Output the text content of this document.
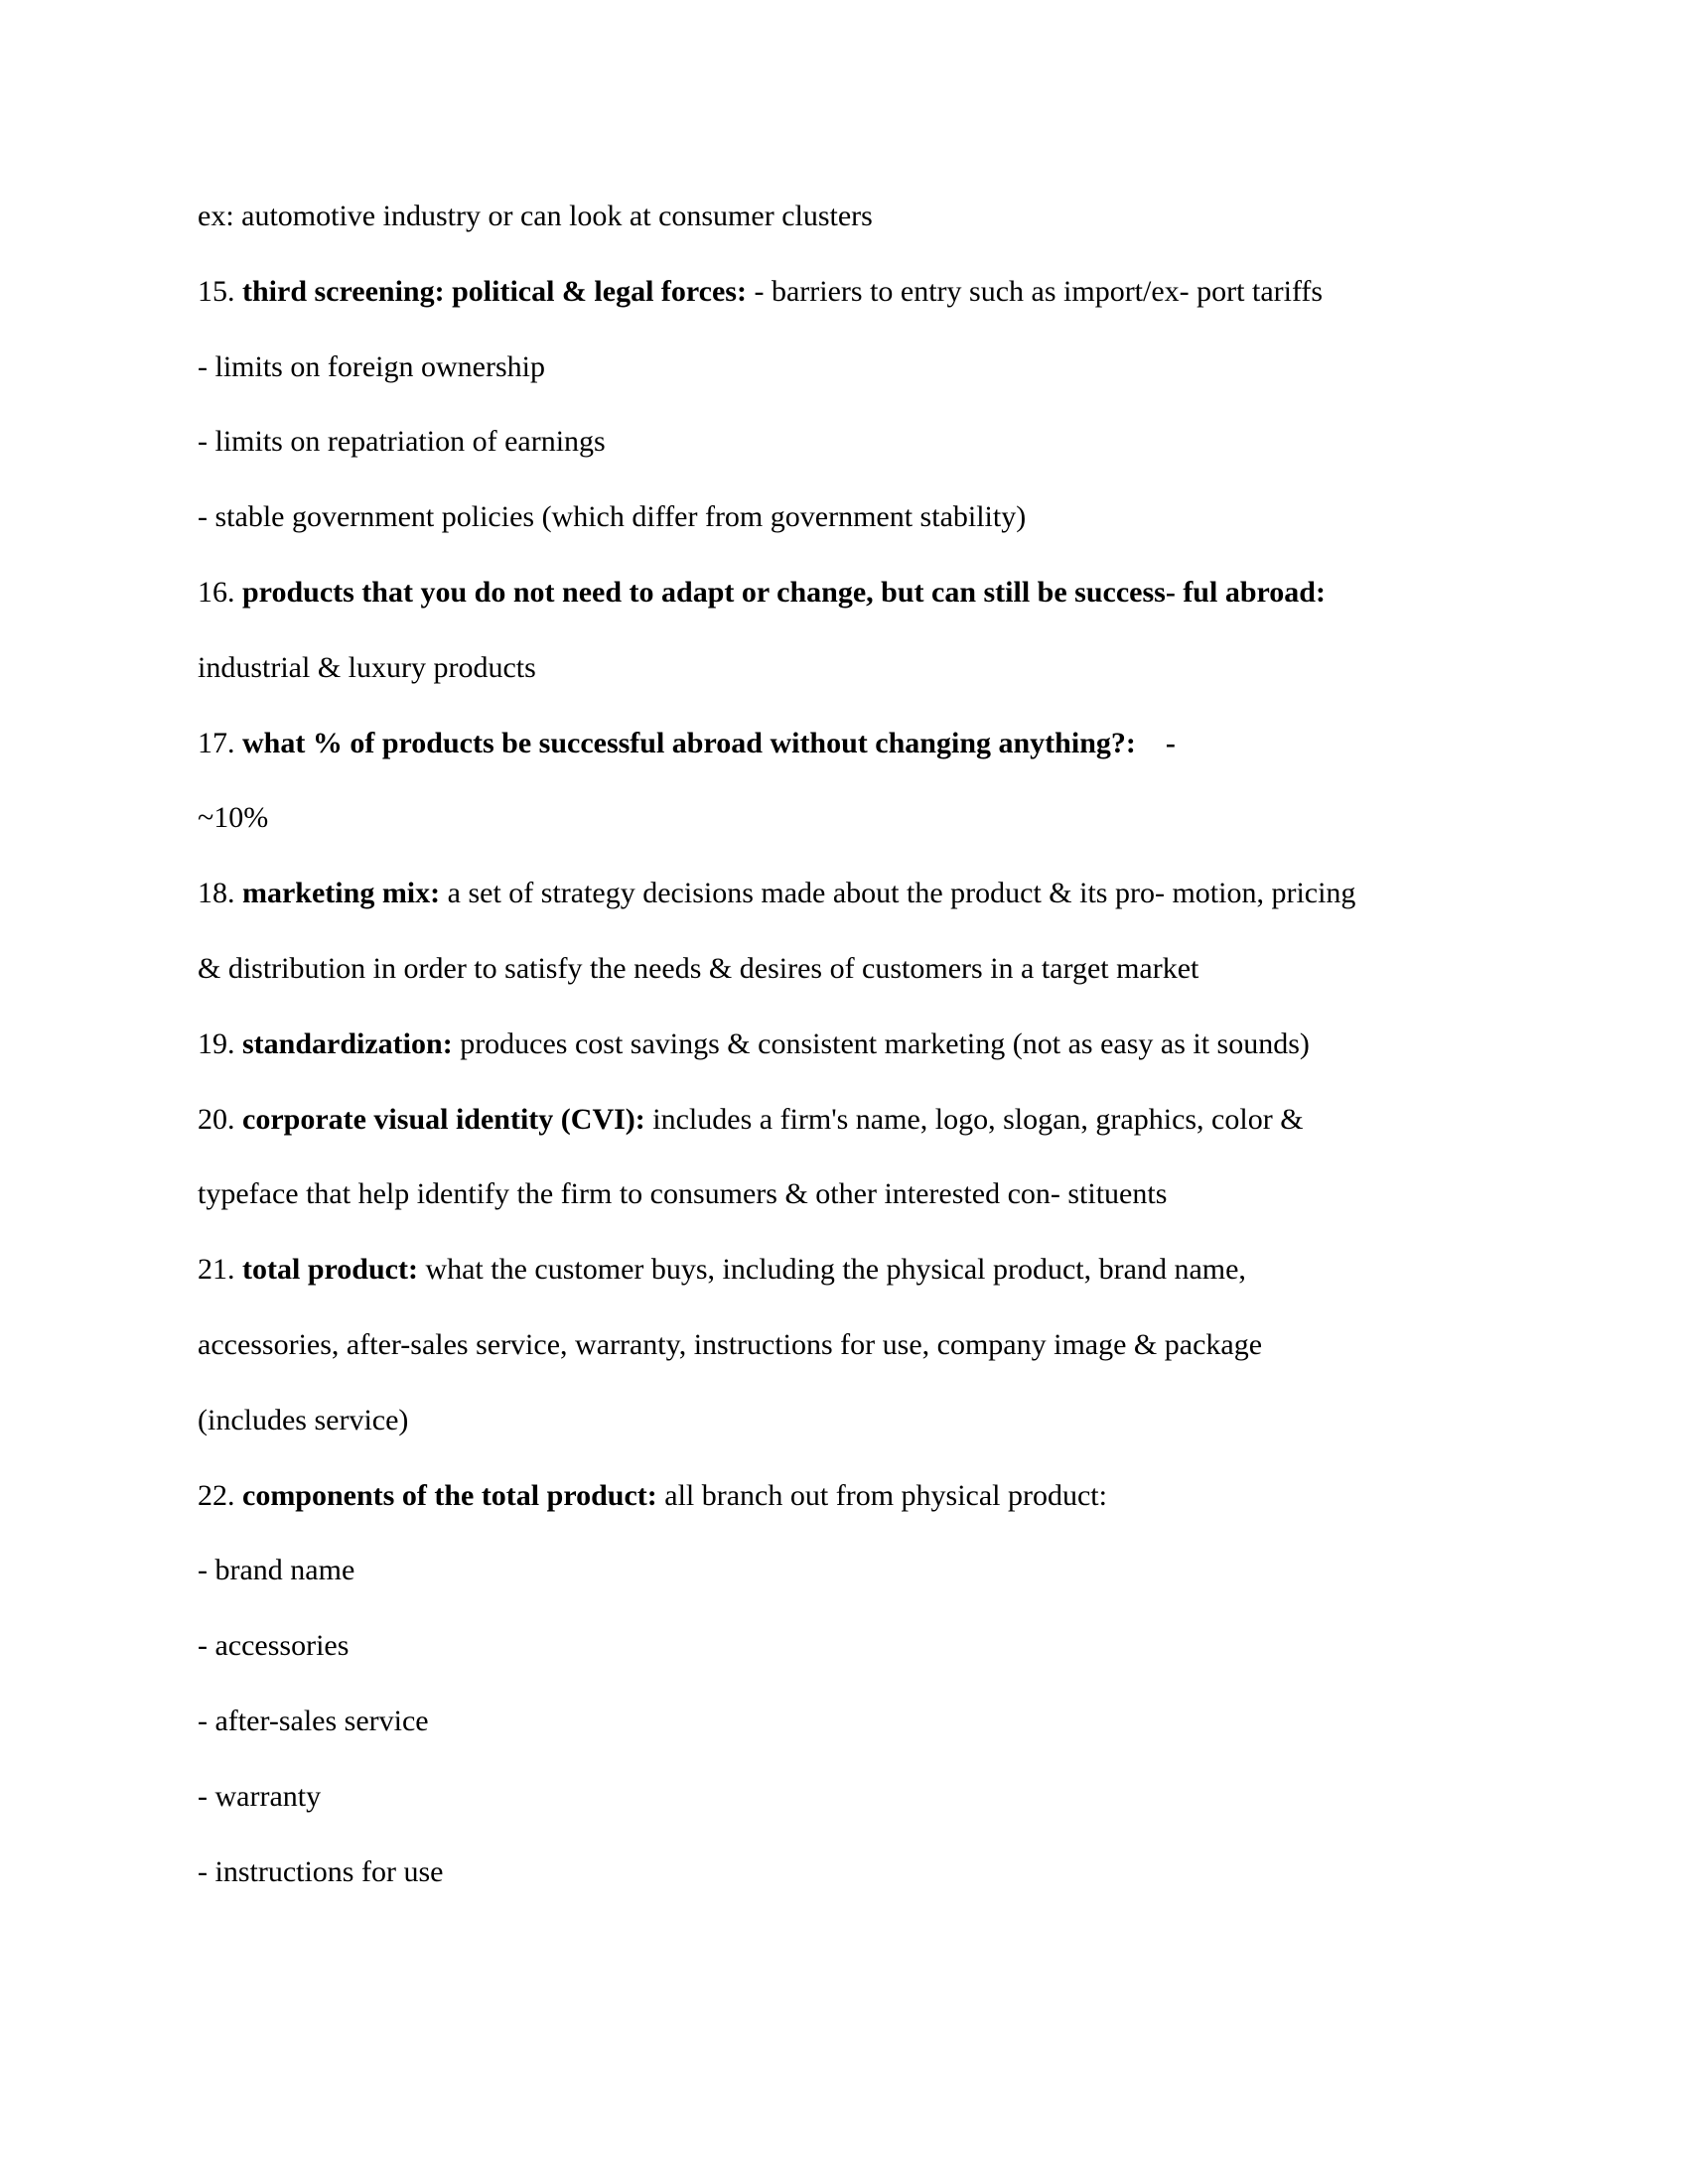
ex: automotive industry or can look at consumer clusters
15. third screening: political & legal forces: - barriers to entry such as import/ex- port tariffs
- limits on foreign ownership
- limits on repatriation of earnings
- stable government policies (which differ from government stability)
16. products that you do not need to adapt or change, but can still be success- ful abroad:
industrial & luxury products
17. what % of products be successful abroad without changing anything?:    -
~10%
18. marketing mix: a set of strategy decisions made about the product & its pro- motion, pricing
& distribution in order to satisfy the needs & desires of customers in a target market
19. standardization: produces cost savings & consistent marketing (not as easy as it sounds)
20. corporate visual identity (CVI): includes a firm's name, logo, slogan, graphics, color &
typeface that help identify the firm to consumers & other interested con- stituents
21. total product: what the customer buys, including the physical product, brand name,
accessories, after-sales service, warranty, instructions for use, company image & package
(includes service)
22. components of the total product: all branch out from physical product:
- brand name
- accessories
- after-sales service
- warranty
- instructions for use
